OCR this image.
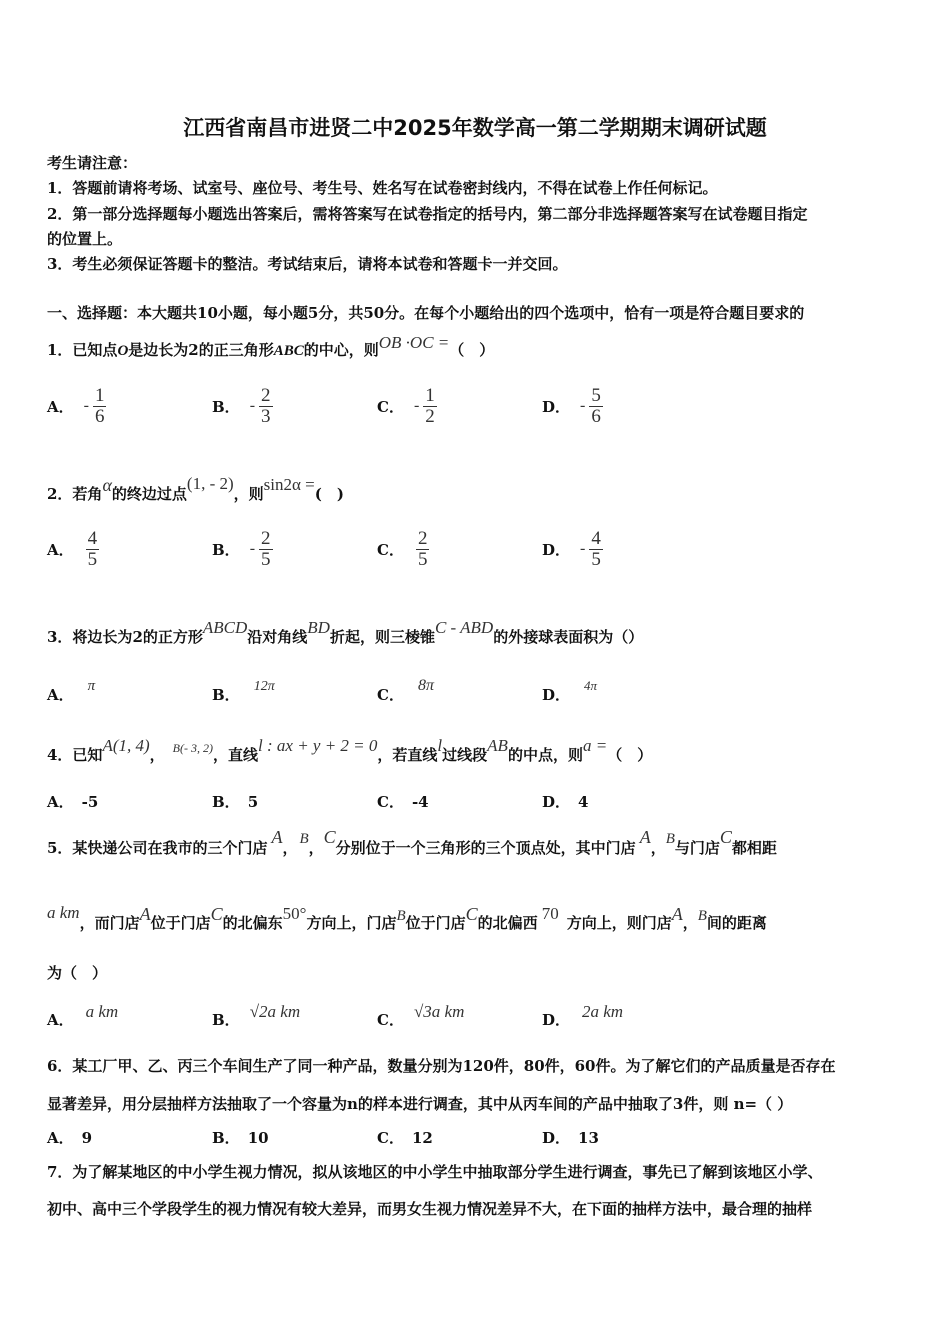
江西省南昌市进贤二中2025年数学高一第二学期期末调研试题
考生请注意：
1．答题前请将考场、试室号、座位号、考生号、姓名写在试卷密封线内，不得在试卷上作任何标记。
2．第一部分选择题每小题选出答案后，需将答案写在试卷指定的括号内，第二部分非选择题答案写在试卷题目指定
的位置上。
3．考生必须保证答题卡的整洁。考试结束后，请将本试卷和答题卡一并交回。
一、选择题：本大题共10小题，每小题5分，共50分。在每个小题给出的四个选项中，恰有一项是符合题目要求的
1．已知点O是边长为2的正三角形ABC的中心，则OB ·OC =（　）
A． - $\frac{1}{6}$	B． - $\frac{2}{3}$	C． - $\frac{1}{2}$	D． - $\frac{5}{6}$
2．若角α的终边过点(1, - 2)，则sin2α =(　)
A． $\frac{4}{5}$	B． - $\frac{2}{5}$	C． $\frac{2}{5}$	D． - $\frac{4}{5}$
3．将边长为2的正方形ABCD沿对角线BD折起，则三棱锥C - ABD的外接球表面积为（）
A． π	B． 12π	C．8π
D．4π
4．已知A(1, 4)， $^{B(- 3, 2)}$，直线l : ax + y + 2 = 0，若直线l过线段AB的中点，则a =（　）
A． -5	B． 5	C． -4	D． 4
5．某快递公司在我市的三个门店A， B，C分别位于一个三角形的三个顶点处，其中门店A，B与门店C都相距
a km，而门店A位于门店C的北偏东50°方向上，门店B位于门店C的北偏西 70 方向上，则门店A，B间的距离
为（　）
A． a km	B． √2a km	C． √3a km	D． 2a km
6．某工厂甲、乙、丙三个车间生产了同一种产品，数量分别为120件，80件，60件。为了解它们的产品质量是否存在
显著差异，用分层抽样方法抽取了一个容量为n的样本进行调查，其中从丙车间的产品中抽取了3件，则 n=（ ）
A． 9	B． 10	C． 12	D． 13
7．为了解某地区的中小学生视力情况，拟从该地区的中小学生中抽取部分学生进行调查，事先已了解到该地区小学、
初中、高中三个学段学生的视力情况有较大差异，而男女生视力情况差异不大，在下面的抽样方法中，最合理的抽样
